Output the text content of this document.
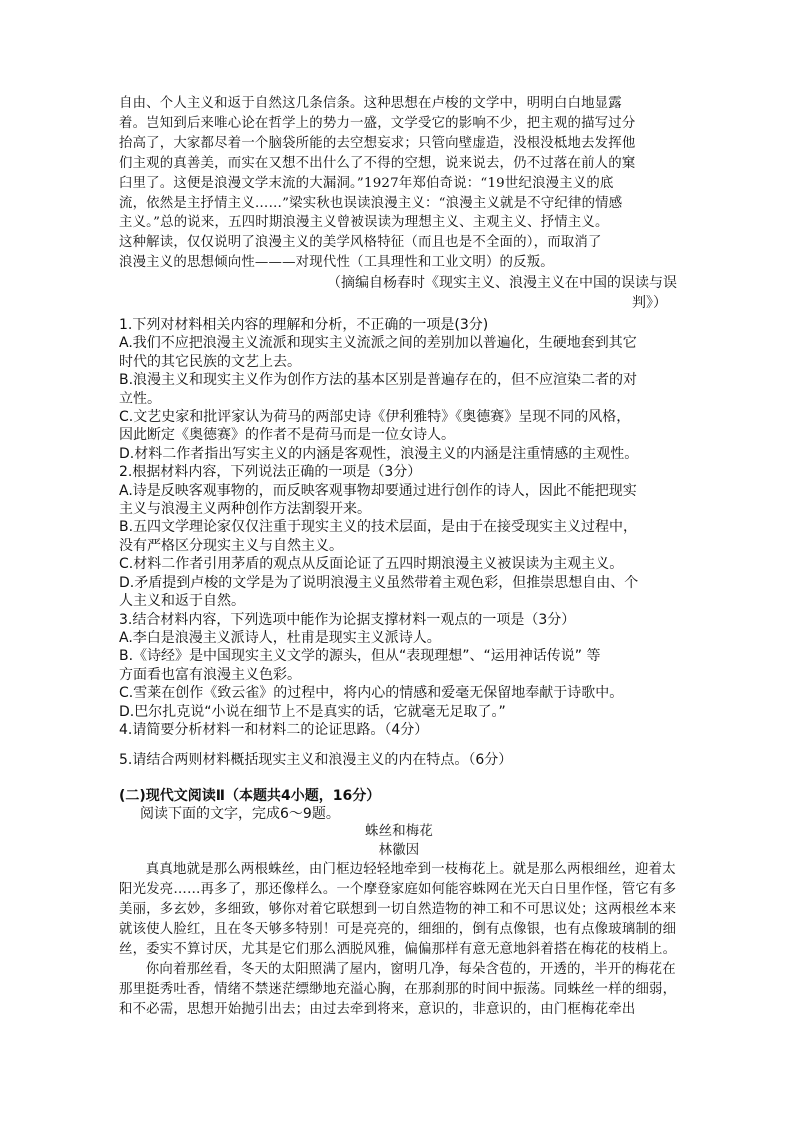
自由、个人主义和返于自然这几条信条。这种思想在卢梭的文学中，明明白白地显露

着。岂知到后来唯心论在哲学上的势力一盛，文学受它的影响不少，把主观的描写过分

抬高了，大家都尽着一个脑袋所能的去空想妄求；只管向壁虚造，没根没柢地去发挥他

们主观的真善美，而实在又想不出什么了不得的空想，说来说去，仍不过落在前人的窠

臼里了。这便是浪漫文学末流的大漏洞。”1927年郑伯奇说：“19世纪浪漫主义的底

流，依然是主抒情主义……”梁实秋也误读浪漫主义：“浪漫主义就是不守纪律的情感

主义。”总的说来，五四时期浪漫主义曾被误读为理想主义、主观主义、抒情主义。

这种解读，仅仅说明了浪漫主义的美学风格特征（而且也是不全面的），而取消了

浪漫主义的思想倾向性———对现代性（工具理性和工业文明）的反叛。

（摘编自杨春时《现实主义、浪漫主义在中国的误读与误
判》）

1.下列对材料相关内容的理解和分析，不正确的一项是(3分)

A.我们不应把浪漫主义流派和现实主义流派之间的差别加以普遍化，生硬地套到其它

时代的其它民族的文艺上去。

B.浪漫主义和现实主义作为创作方法的基本区别是普遍存在的，但不应渲染二者的对

立性。

C.文艺史家和批评家认为荷马的两部史诗《伊利雅特》《奥德赛》呈现不同的风格，

因此断定《奥德赛》的作者不是荷马而是一位女诗人。

D.材料二作者指出写实主义的内涵是客观性，浪漫主义的内涵是注重情感的主观性。

2.根据材料内容，下列说法正确的一项是（3分）

A.诗是反映客观事物的，而反映客观事物却要通过进行创作的诗人，因此不能把现实

主义与浪漫主义两种创作方法割裂开来。

B.五四文学理论家仅仅注重于现实主义的技术层面，是由于在接受现实主义过程中，

没有严格区分现实主义与自然主义。

C.材料二作者引用茅盾的观点从反面论证了五四时期浪漫主义被误读为主观主义。

D.矛盾提到卢梭的文学是为了说明浪漫主义虽然带着主观色彩，但推崇思想自由、个

人主义和返于自然。

3.结合材料内容，下列选项中能作为论据支撑材料一观点的一项是（3分）

A.李白是浪漫主义派诗人，杜甫是现实主义派诗人。

B.《诗经》是中国现实主义文学的源头，但从“表现理想”、“运用神话传说” 等

方面看也富有浪漫主义色彩。

C.雪莱在创作《致云雀》的过程中，将内心的情感和爱毫无保留地奉献于诗歌中。

D.巴尔扎克说“小说在细节上不是真实的话，它就毫无足取了。”

4.请简要分析材料一和材料二的论证思路。（4分）

5.请结合两则材料概括现实主义和浪漫主义的内在特点。（6分）

(二)现代文阅读Ⅱ（本题共4小题，16分）
阅读下面的文字，完成6～9题。
蛛丝和梅花
林徽因

真真地就是那么两根蛛丝，由门框边轻轻地牵到一枝梅花上。就是那么两根细丝，迎着太阳光发亮……再多了，那还像样么。一个摩登家庭如何能容蛛网在光天白日里作怪，管它有多美丽，多玄妙，多细致，够你对着它联想到一切自然造物的神工和不可思议处；这两根丝本来就该使人脸红，且在冬天够多特别！可是亮亮的，细细的，倒有点像银，也有点像玻璃制的细丝，委实不算讨厌，尤其是它们那么洒脱风雅，偏偏那样有意无意地斜着搭在梅花的枝梢上。

你向着那丝看，冬天的太阳照满了屋内，窗明几净，每朵含苞的，开透的，半开的梅花在那里挺秀吐香，情绪不禁迷茫缥缈地充溢心胸，在那刹那的时间中振荡。同蛛丝一样的细弱，和不必需，思想开始抛引出去；由过去牵到将来，意识的，非意识的，由门框梅花牵出
